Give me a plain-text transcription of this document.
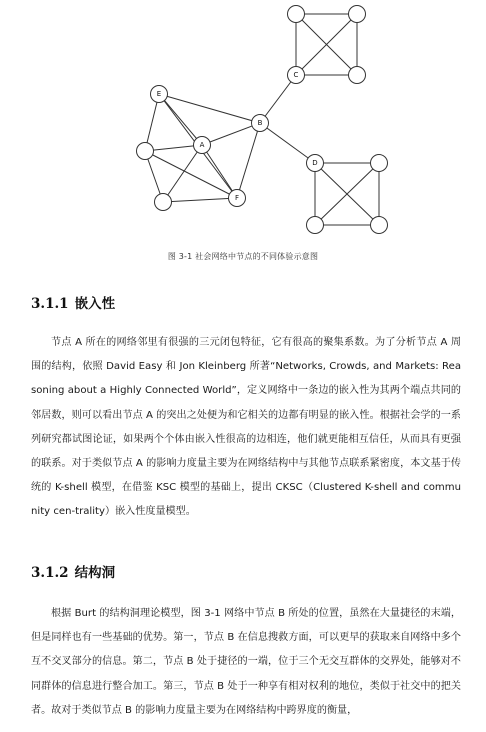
E
A
B
C
D
F
图 3-1 社会网络中节点的不同体验示意图
3.1.1 嵌入性

节点 A 所在的网络邻里有很强的三元闭包特征，它有很高的聚集系数。为了分析节点 A 周围的结构，依照 David Easy 和 Jon Kleinberg 所著“Networks, Crowds, and Markets: Reasoning about a Highly Connected World”，定义网络中一条边的嵌入性为其两个端点共同的邻居数，则可以看出节点 A 的突出之处便为和它相关的边都有明显的嵌入性。根据社会学的一系列研究都试图论证，如果两个个体由嵌入性很高的边相连，他们就更能相互信任，从而具有更强的联系。对于类似节点 A 的影响力度量主要为在网络结构中与其他节点联系紧密度，本文基于传统的 K-shell 模型，在借鉴 KSC 模型的基础上，提出 CKSC（Clustered K-shell and community cen-trality）嵌入性度量模型。

3.1.2 结构洞

根据 Burt 的结构洞理论模型，图 3-1 网络中节点 B 所处的位置，虽然在大量捷径的末端，但是同样也有一些基础的优势。第一，节点 B 在信息搜救方面，可以更早的获取来自网络中多个互不交叉部分的信息。第二，节点 B 处于捷径的一端，位于三个无交互群体的交界处，能够对不同群体的信息进行整合加工。第三，节点 B 处于一种享有相对权利的地位，类似于社交中的把关者。故对于类似节点 B 的影响力度量主要为在网络结构中跨界度的衡量，
